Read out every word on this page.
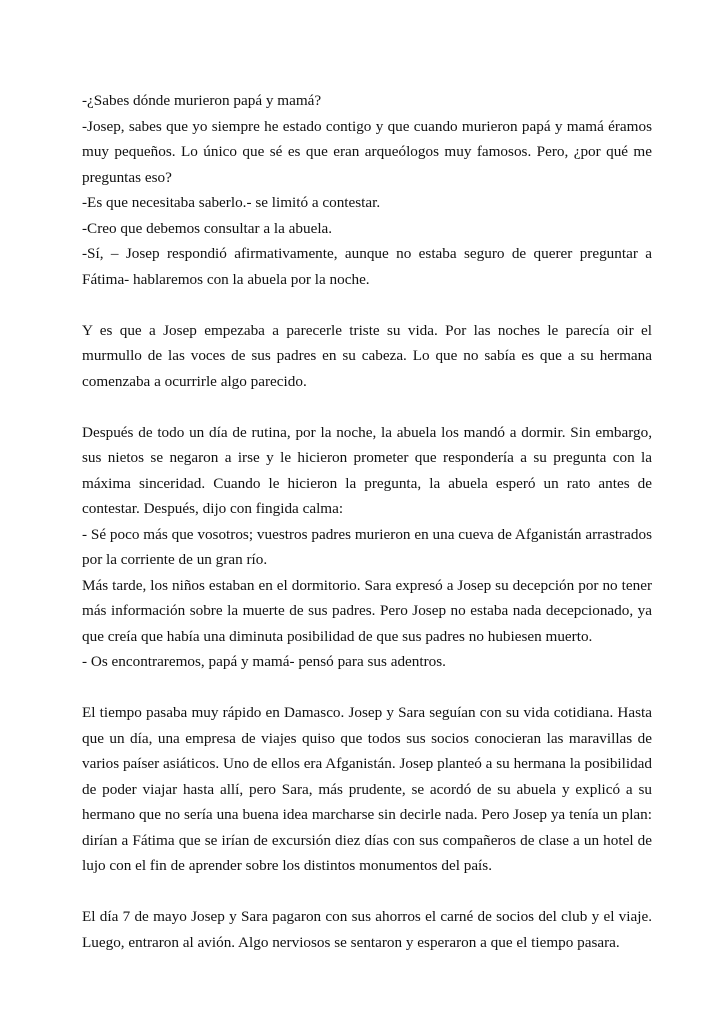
-¿Sabes dónde murieron papá y mamá?

-Josep, sabes que yo siempre he estado contigo y que cuando murieron papá y mamá éramos muy pequeños. Lo único que sé es que eran arqueólogos muy famosos. Pero, ¿por qué me preguntas eso?

-Es que necesitaba saberlo.- se limitó a contestar.

-Creo que debemos consultar a la abuela.

-Sí, – Josep respondió afirmativamente, aunque no estaba seguro de querer preguntar a Fátima- hablaremos con la abuela por la noche.

Y es que a Josep empezaba a parecerle triste su vida. Por las noches le parecía oir el murmullo de las voces de sus padres en su cabeza. Lo que no sabía es que a su hermana comenzaba a ocurrirle algo parecido.

Después de todo un día de rutina, por la noche, la abuela los mandó a dormir. Sin embargo, sus nietos se negaron a irse y le hicieron prometer que respondería a su pregunta con la máxima sinceridad. Cuando le hicieron la pregunta, la abuela esperó un rato antes de contestar. Después, dijo con fingida calma:

- Sé poco más que vosotros; vuestros padres murieron en una cueva de Afganistán arrastrados por la corriente de un gran río.

Más tarde, los niños estaban en el dormitorio. Sara expresó a Josep su decepción por no tener más información sobre la muerte de sus padres. Pero Josep no estaba nada decepcionado, ya que creía que había una diminuta posibilidad de que sus padres no hubiesen muerto.

- Os encontraremos, papá y mamá- pensó para sus adentros.

El tiempo pasaba muy rápido en Damasco. Josep y Sara seguían con su vida cotidiana. Hasta que un día, una empresa de viajes quiso que todos sus socios conocieran las maravillas de varios paíser asiáticos. Uno de ellos era Afganistán. Josep planteó a su hermana la posibilidad de poder viajar hasta allí, pero Sara, más prudente, se acordó de su abuela y explicó a su hermano que no sería una buena idea marcharse sin decirle nada. Pero Josep ya tenía un plan: dirían a Fátima que se irían de excursión diez días con sus compañeros de clase a un hotel de lujo con el fin de aprender sobre los distintos monumentos del país.

El día 7 de mayo Josep y Sara pagaron con sus ahorros el carné de socios del club y el viaje. Luego, entraron al avión. Algo nerviosos se sentaron y esperaron a que el tiempo pasara.
